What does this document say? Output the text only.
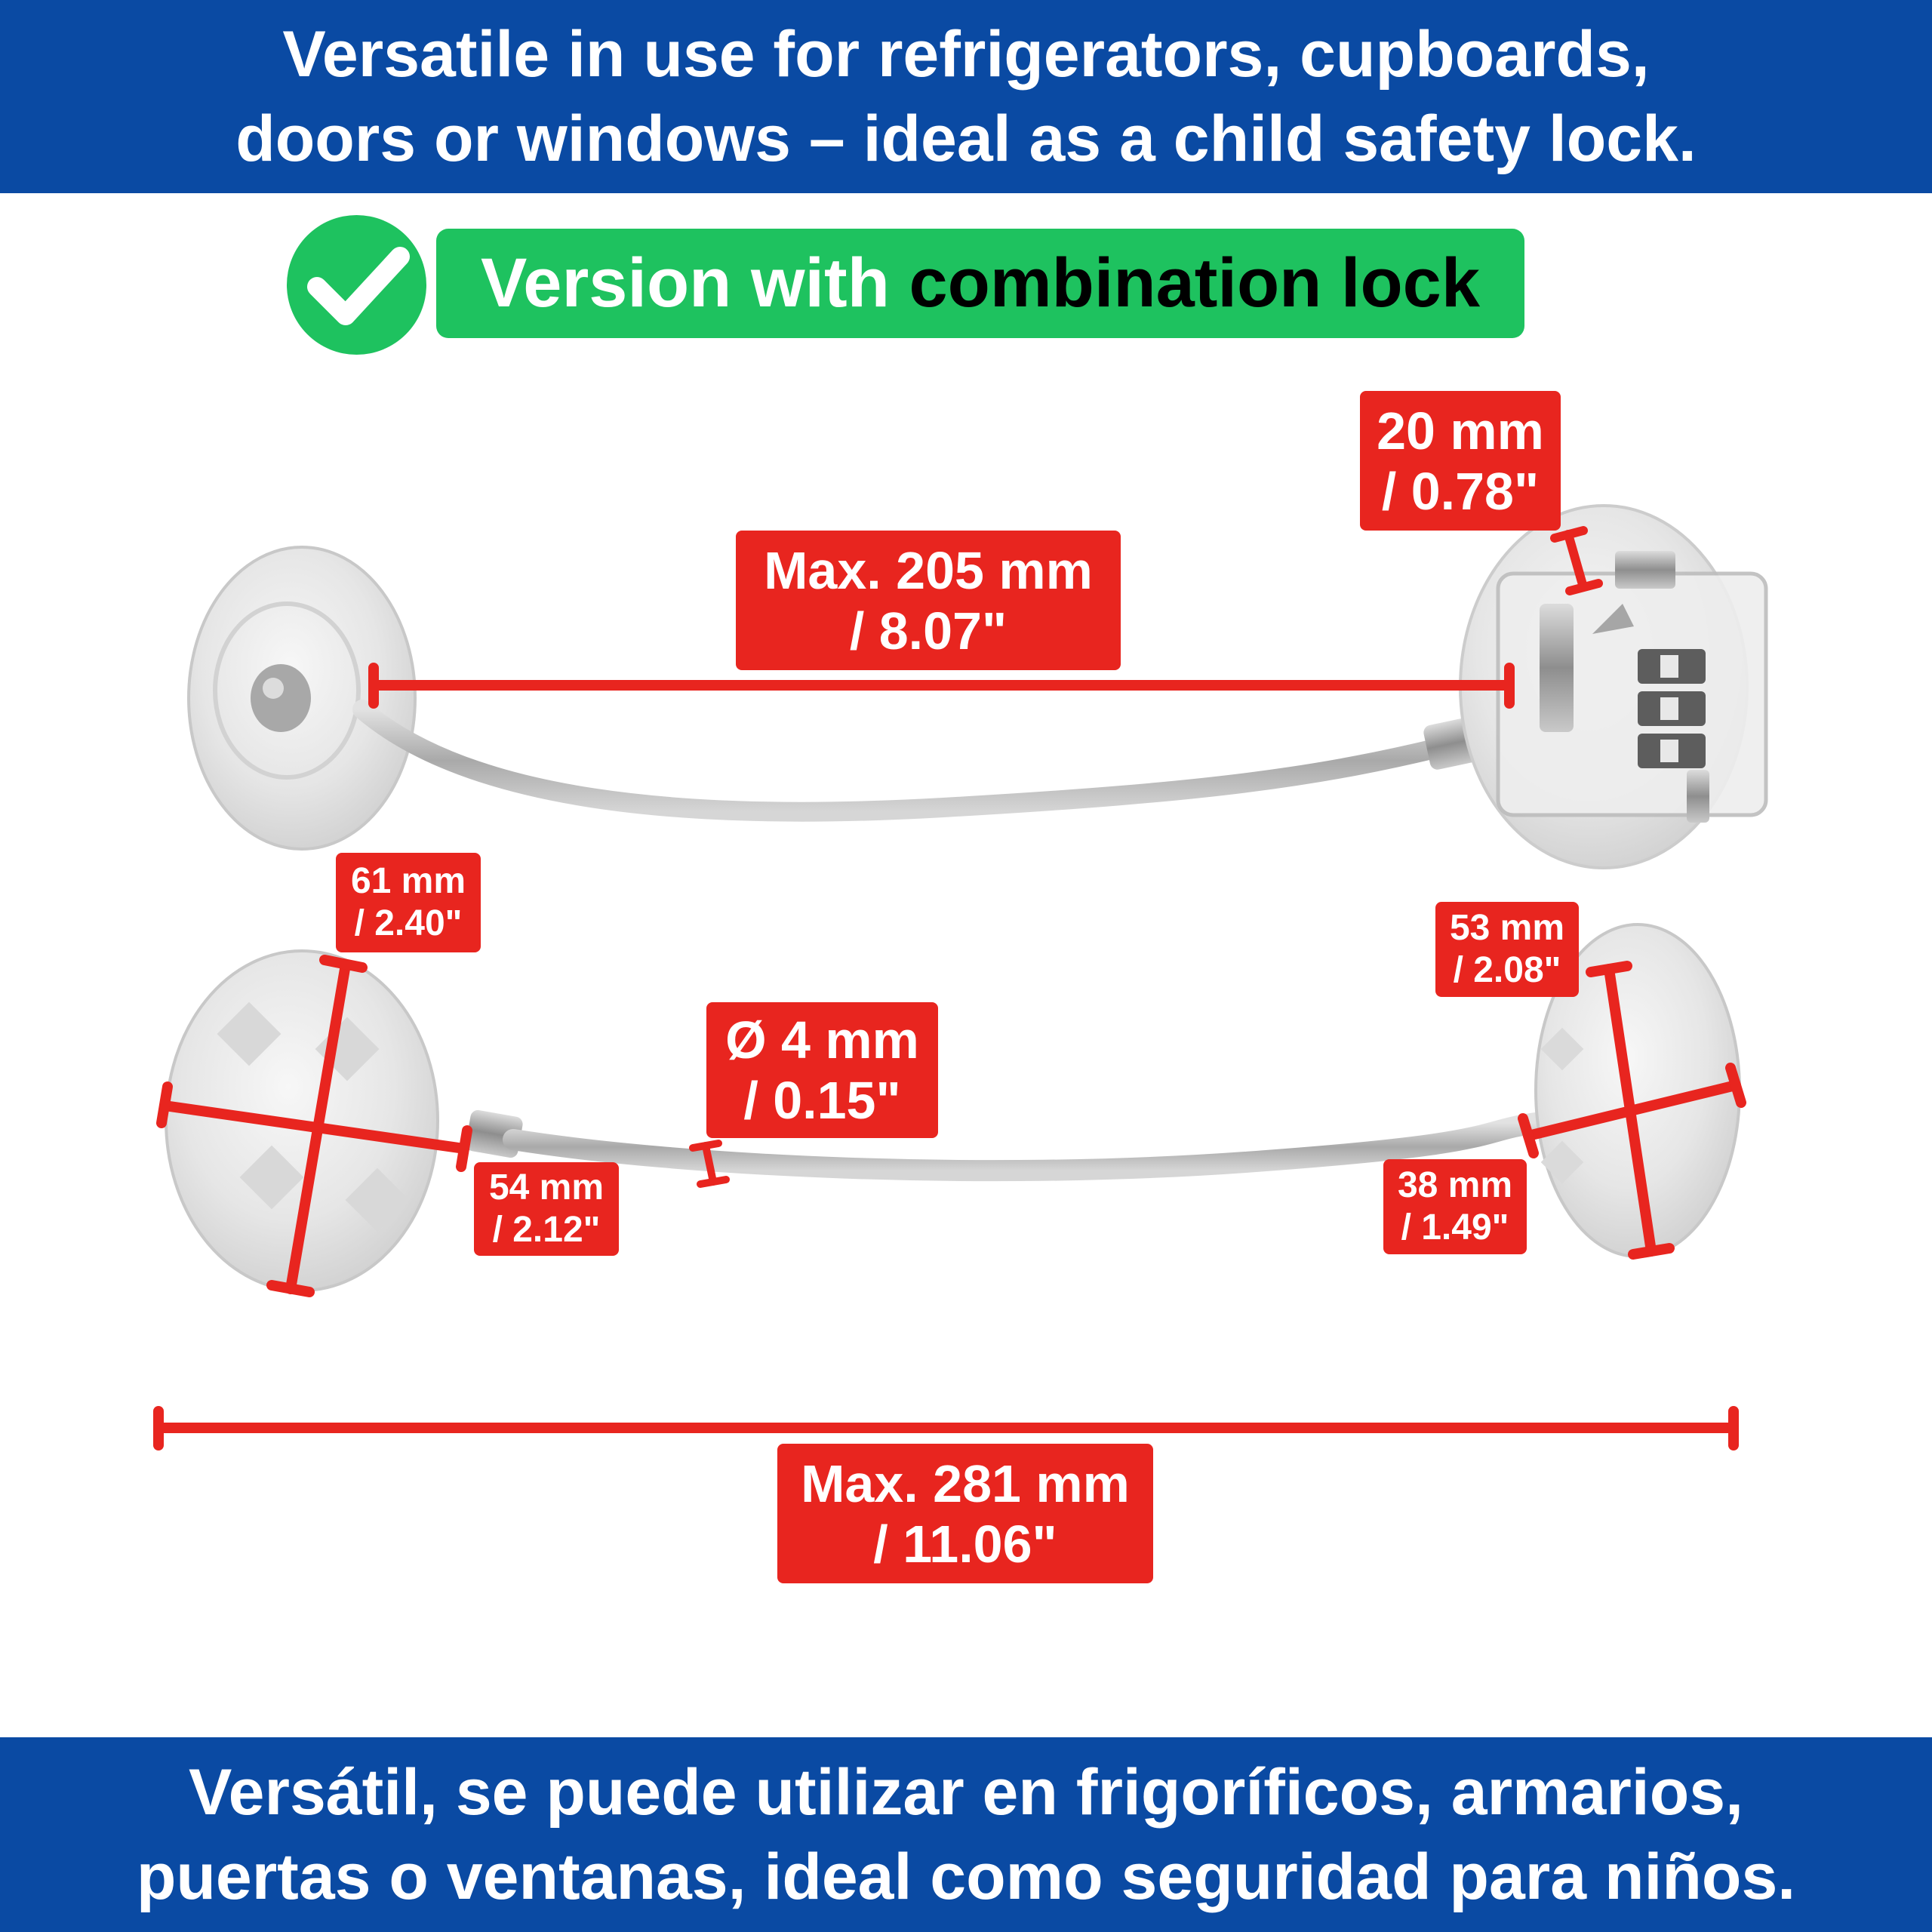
Versatile in use for refrigerators, cupboards,
doors or windows – ideal as a child safety lock.
Version with combination lock
20 mm
/ 0.78"
Max. 205 mm
/ 8.07"
61 mm
/ 2.40"
54 mm
/ 2.12"
Ø 4 mm
/ 0.15"
53 mm
/ 2.08"
38 mm
/ 1.49"
Max. 281 mm
/ 11.06"
Versátil, se puede utilizar en frigoríficos, armarios,
puertas o ventanas, ideal como seguridad para niños.
